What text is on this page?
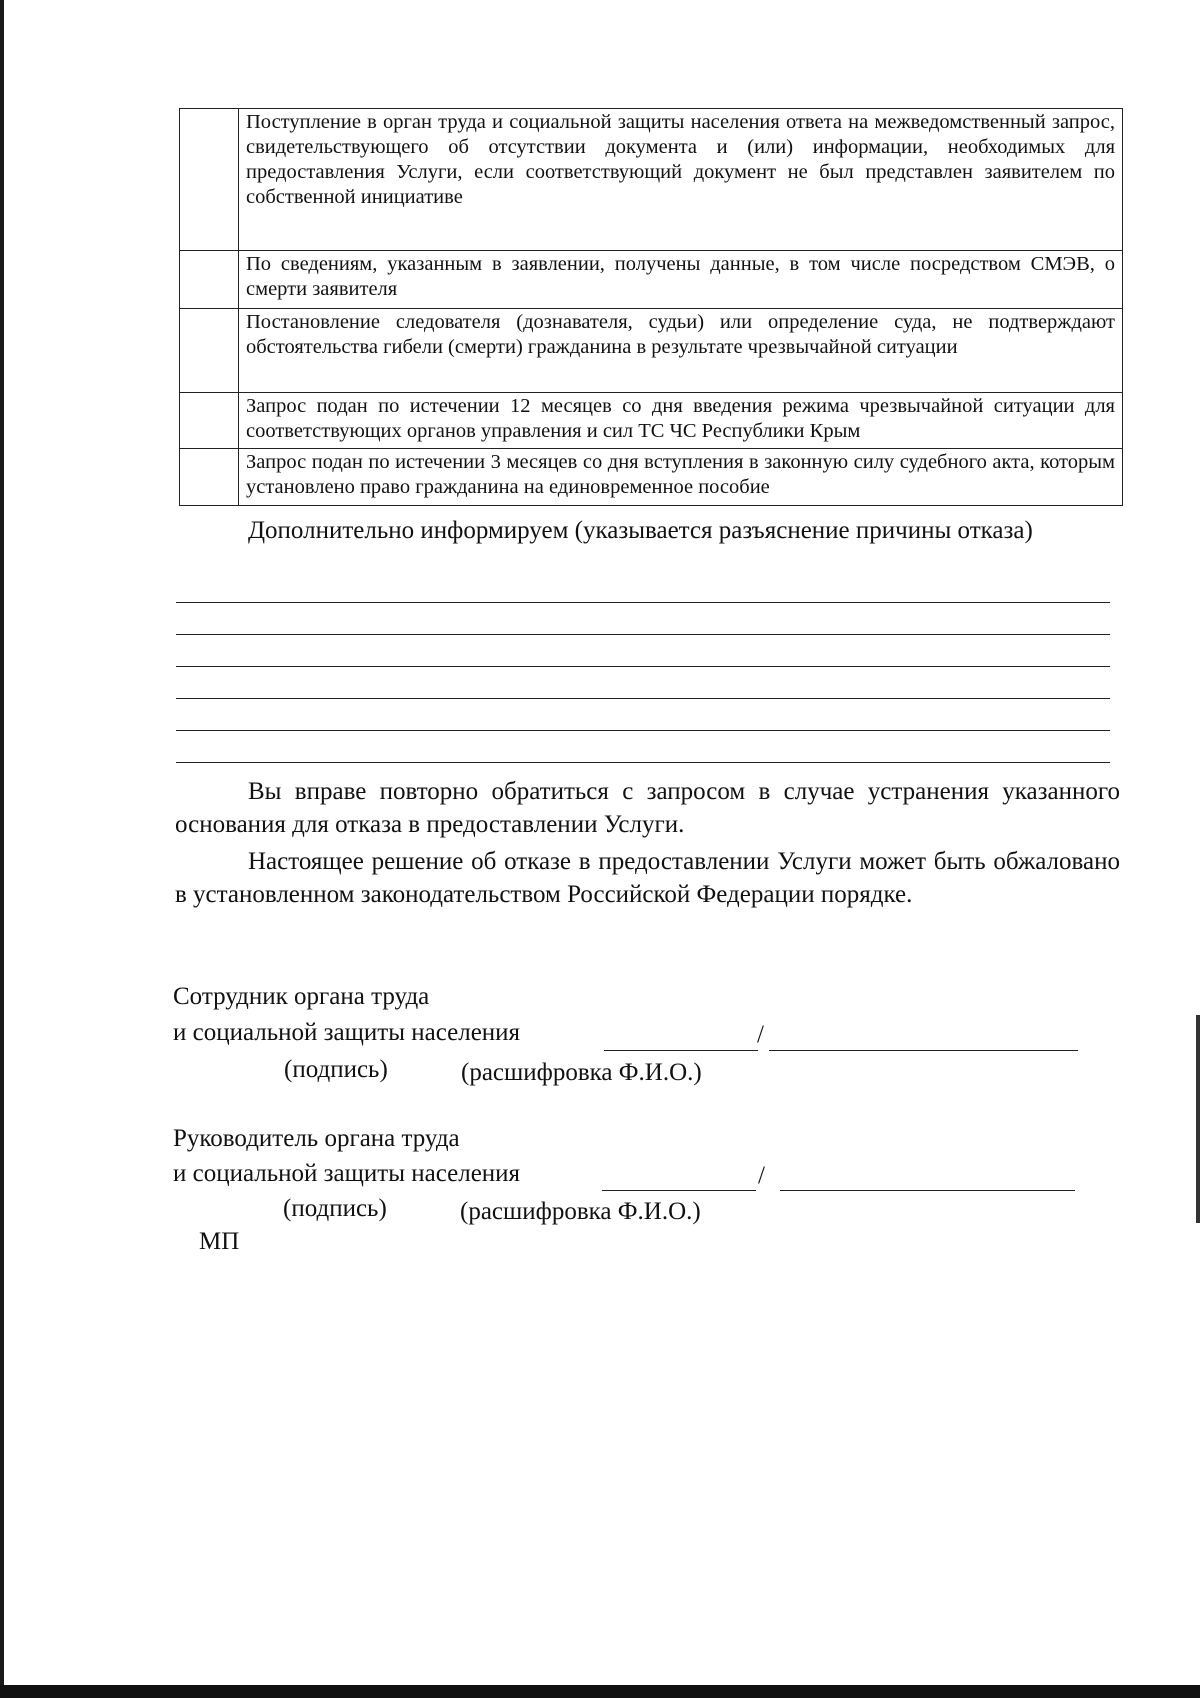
	Поступление в орган труда и социальной защиты населения ответа на межведомственный запрос, свидетельствующего об отсутствии документа и (или) информации, необходимых для предоставления Услуги, если соответствующий документ не был представлен заявителем по собственной инициативе
	По сведениям, указанным в заявлении, получены данные, в том числе посредством СМЭВ, о смерти заявителя
	Постановление следователя (дознавателя, судьи) или определение суда, не подтверждают обстоятельства гибели (смерти) гражданина в результате чрезвычайной ситуации
	Запрос подан по истечении 12 месяцев со дня введения режима чрезвычайной ситуации для соответствующих органов управления и сил ТС ЧС Республики Крым
	Запрос подан по истечении 3 месяцев со дня вступления в законную силу судебного акта, которым установлено право гражданина на единовременное пособие
Дополнительно информируем (указывается разъяснение причины отказа)
Вы вправе повторно обратиться с запросом в случае устранения указанного основания для отказа в предоставлении Услуги.
Настоящее решение об отказе в предоставлении Услуги может быть обжаловано в установленном законодательством Российской Федерации порядке.
Сотрудник органа труда
и социальной защиты населения	/
(подпись)	(расшифровка Ф.И.О.)
Руководитель органа труда
и социальной защиты населения	/
(подпись)	(расшифровка Ф.И.О.)
МП
